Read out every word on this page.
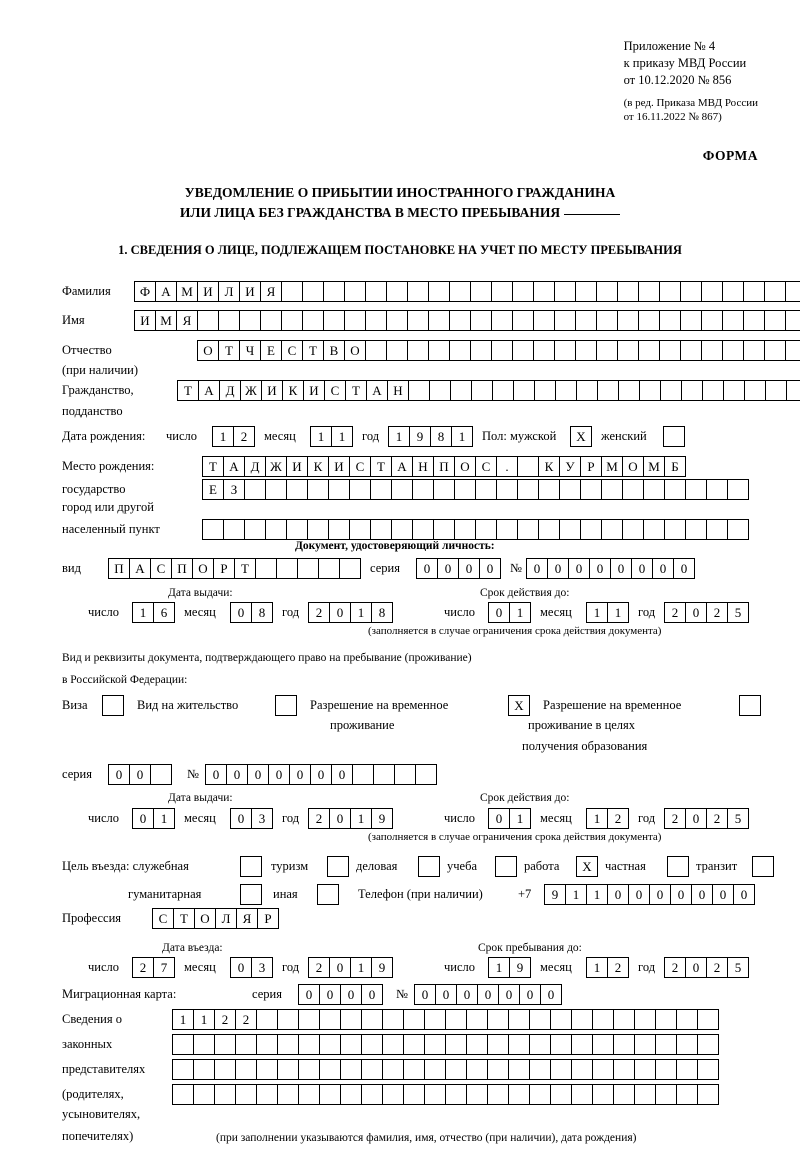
Приложение № 4
к приказу МВД России
от 10.12.2020 № 856
(в ред. Приказа МВД России
от 16.11.2022 № 867)
ФОРМА
УВЕДОМЛЕНИЕ О ПРИБЫТИИ ИНОСТРАННОГО ГРАЖДАНИНА
ИЛИ ЛИЦА БЕЗ ГРАЖДАНСТВА В МЕСТО ПРЕБЫВАНИЯ
1. СВЕДЕНИЯ О ЛИЦЕ, ПОДЛЕЖАЩЕМ ПОСТАНОВКЕ НА УЧЕТ ПО МЕСТУ ПРЕБЫВАНИЯ
Фамилия Ф А М И Л И Я
Имя	И М Я
Отчество	О Т Ч Е С Т В О
(при наличии)
Гражданство,	Т А Д Ж И К И С Т А Н
подданство
Дата рождения: число 1 2 месяц 1 1 год 1 9 8 1 Пол: мужской Х женский
Место рождения:	Т А Д Ж И К И С Т А Н П О С .	К У Р М О М Б
государство	Е З
город или другой
населенный пункт
Документ, удостоверяющий личность:
вид	П А С П О Р Т	серия 0 0 0 0 № 0 0 0 0 0 0 0 0
Дата выдачи:	Срок действия до:
число 1 6 месяц 0 8 год 2 0 1 8	число 0 1 месяц 1 1 год 2 0 2 5
(заполняется в случае ограничения срока действия документа)
Вид и реквизиты документа, подтверждающего право на пребывание (проживание)
в Российской Федерации:
Виза	Вид на жительство	Разрешение на временное	Х Разрешение на временное
проживание	проживание в целях
получения образования
серия 0 0	№ 0 0 0 0 0 0 0
Дата выдачи:	Срок действия до:
число 0 1 месяц 0 3 год 2 0 1 9	число 0 1 месяц 1 2 год 2 0 2 5
(заполняется в случае ограничения срока действия документа)
Цель въезда: служебная	туризм	деловая	учеба	работа Х частная	транзит
гуманитарная	иная	Телефон (при наличии)	+7 9 1 1 0 0 0 0 0 0 0
Профессия	С Т О Л Я Р
Дата въезда:	Срок пребывания до:
число 2 7 месяц 0 3 год 2 0 1 9	число 1 9 месяц 1 2 год 2 0 2 5
Миграционная карта:	серия 0 0 0 0 № 0 0 0 0 0 0 0
Сведения о	1 1 2 2
законных
представителях
(родителях,
усыновителях,
попечителях)	(при заполнении указываются фамилия, имя, отчество (при наличии), дата рождения)
